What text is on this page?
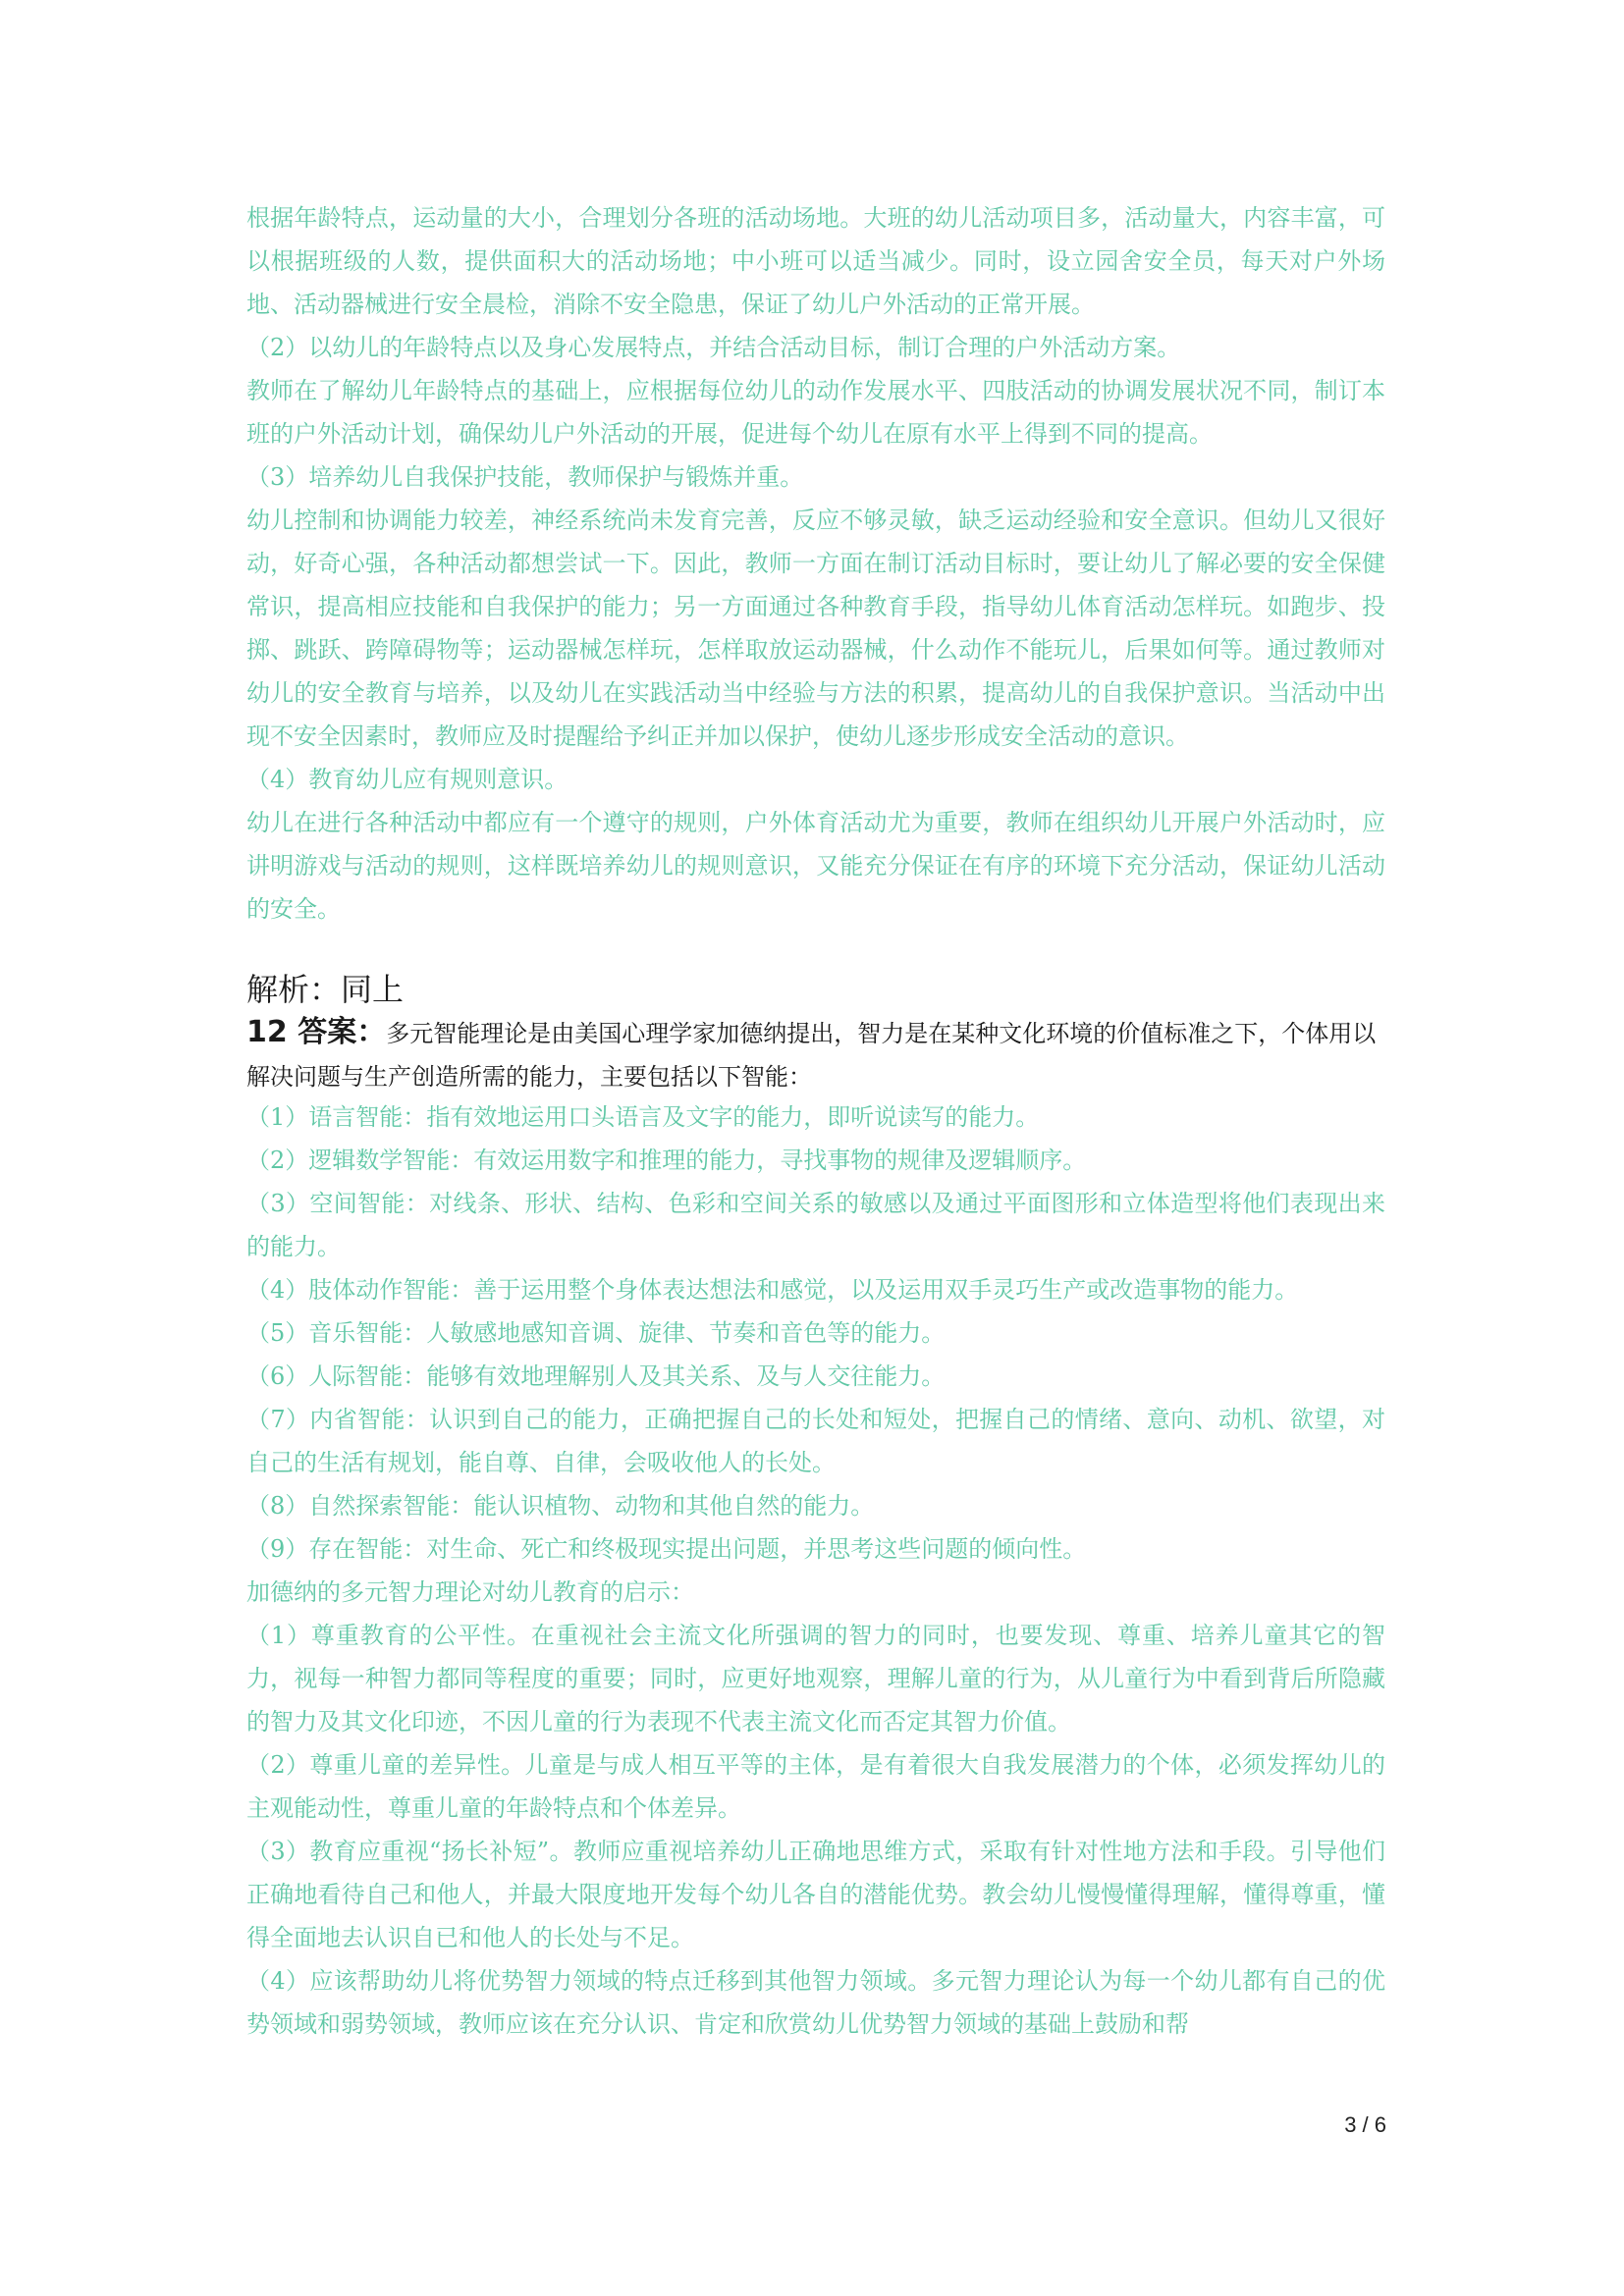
根据年龄特点，运动量的大小，合理划分各班的活动场地。大班的幼儿活动项目多，活动量大，内容丰富，可以根据班级的人数，提供面积大的活动场地；中小班可以适当减少。同时，设立园舍安全员，每天对户外场地、活动器械进行安全晨检，消除不安全隐患，保证了幼儿户外活动的正常开展。

（2）以幼儿的年龄特点以及身心发展特点，并结合活动目标，制订合理的户外活动方案。

教师在了解幼儿年龄特点的基础上，应根据每位幼儿的动作发展水平、四肢活动的协调发展状况不同，制订本班的户外活动计划，确保幼儿户外活动的开展，促进每个幼儿在原有水平上得到不同的提高。

（3）培养幼儿自我保护技能，教师保护与锻炼并重。

幼儿控制和协调能力较差，神经系统尚未发育完善，反应不够灵敏，缺乏运动经验和安全意识。但幼儿又很好动，好奇心强，各种活动都想尝试一下。因此，教师一方面在制订活动目标时，要让幼儿了解必要的安全保健常识，提高相应技能和自我保护的能力；另一方面通过各种教育手段，指导幼儿体育活动怎样玩。如跑步、投掷、跳跃、跨障碍物等；运动器械怎样玩，怎样取放运动器械，什么动作不能玩儿，后果如何等。通过教师对幼儿的安全教育与培养，以及幼儿在实践活动当中经验与方法的积累，提高幼儿的自我保护意识。当活动中出现不安全因素时，教师应及时提醒给予纠正并加以保护，使幼儿逐步形成安全活动的意识。

（4）教育幼儿应有规则意识。

幼儿在进行各种活动中都应有一个遵守的规则，户外体育活动尤为重要，教师在组织幼儿开展户外活动时，应讲明游戏与活动的规则，这样既培养幼儿的规则意识，又能充分保证在有序的环境下充分活动，保证幼儿活动的安全。

解析：同上
12 答案：多元智能理论是由美国心理学家加德纳提出，智力是在某种文化环境的价值标准之下，个体用以解决问题与生产创造所需的能力，主要包括以下智能：

（1）语言智能：指有效地运用口头语言及文字的能力，即听说读写的能力。

（2）逻辑数学智能：有效运用数字和推理的能力，寻找事物的规律及逻辑顺序。

（3）空间智能：对线条、形状、结构、色彩和空间关系的敏感以及通过平面图形和立体造型将他们表现出来的能力。

（4）肢体动作智能：善于运用整个身体表达想法和感觉，以及运用双手灵巧生产或改造事物的能力。

（5）音乐智能：人敏感地感知音调、旋律、节奏和音色等的能力。

（6）人际智能：能够有效地理解别人及其关系、及与人交往能力。

（7）内省智能：认识到自己的能力，正确把握自己的长处和短处，把握自己的情绪、意向、动机、欲望，对自己的生活有规划，能自尊、自律，会吸收他人的长处。

（8）自然探索智能：能认识植物、动物和其他自然的能力。

（9）存在智能：对生命、死亡和终极现实提出问题，并思考这些问题的倾向性。

加德纳的多元智力理论对幼儿教育的启示：

（1）尊重教育的公平性。在重视社会主流文化所强调的智力的同时，也要发现、尊重、培养儿童其它的智力，视每一种智力都同等程度的重要；同时，应更好地观察，理解儿童的行为，从儿童行为中看到背后所隐藏的智力及其文化印迹，不因儿童的行为表现不代表主流文化而否定其智力价值。

（2）尊重儿童的差异性。儿童是与成人相互平等的主体，是有着很大自我发展潜力的个体，必须发挥幼儿的主观能动性，尊重儿童的年龄特点和个体差异。

（3）教育应重视“扬长补短”。教师应重视培养幼儿正确地思维方式，采取有针对性地方法和手段。引导他们正确地看待自己和他人，并最大限度地开发每个幼儿各自的潜能优势。教会幼儿慢慢懂得理解，懂得尊重，懂得全面地去认识自已和他人的长处与不足。

（4）应该帮助幼儿将优势智力领域的特点迁移到其他智力领域。多元智力理论认为每一个幼儿都有自己的优势领域和弱势领域，教师应该在充分认识、肯定和欣赏幼儿优势智力领域的基础上鼓励和帮

3 / 6
